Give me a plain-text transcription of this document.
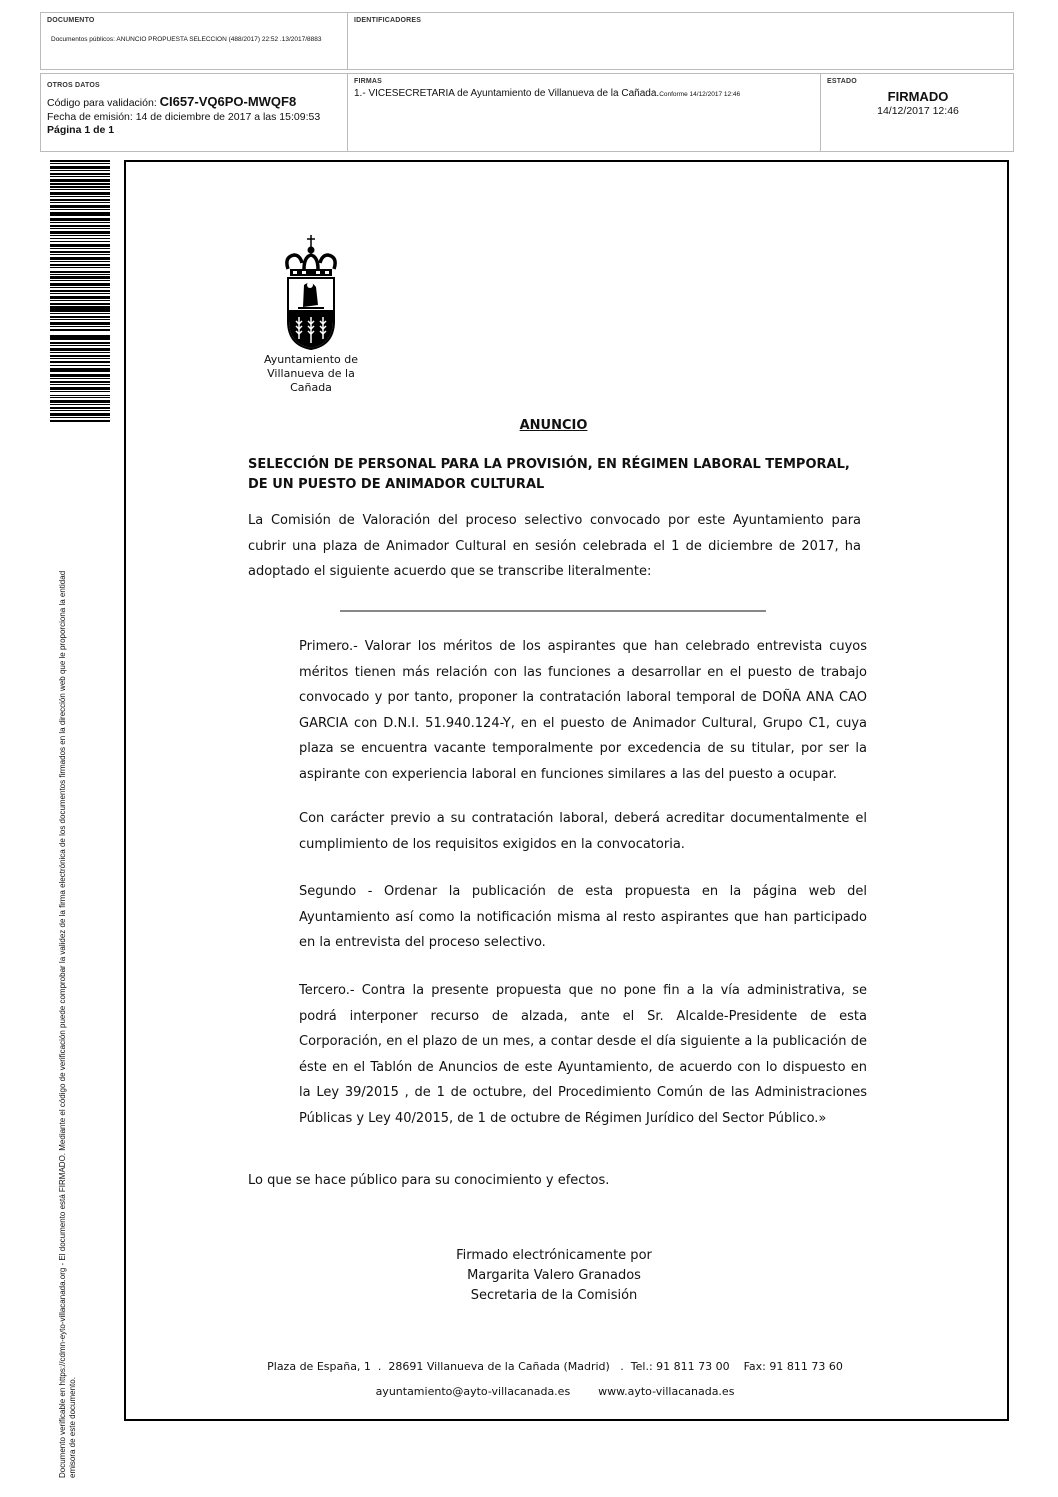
DOCUMENTO
Documentos públicos: ANUNCIO PROPUESTA SELECCION (488/2017) 22:52 .13/2017/8883
IDENTIFICADORES
OTROS DATOS
Código para validación: CI657-VQ6PO-MWQF8
Fecha de emisión: 14 de diciembre de 2017 a las 15:09:53
Página 1 de 1
FIRMAS
1.- VICESECRETARIA de Ayuntamiento de Villanueva de la Cañada.Conforme 14/12/2017 12:46
ESTADO
FIRMADO
14/12/2017 12:46
Documento verificable en https://cdmn-eyto-villacanada.org - El documento está FIRMADO. Mediante el código de verificación puede comprobar la validez de la firma electrónica de los documentos firmados en la dirección web que le proporciona la entidad emisora de este documento.
Ayuntamiento de
Villanueva de la Cañada
ANUNCIO
SELECCIÓN DE PERSONAL PARA LA PROVISIÓN, EN RÉGIMEN LABORAL TEMPORAL, DE UN PUESTO DE ANIMADOR CULTURAL
La Comisión de Valoración del proceso selectivo convocado por este Ayuntamiento para cubrir una plaza de Animador Cultural en sesión celebrada el 1 de diciembre de 2017, ha adoptado el siguiente acuerdo que se transcribe literalmente:
Primero.- Valorar los méritos de los aspirantes que han celebrado entrevista cuyos méritos tienen más relación con las funciones a desarrollar en el puesto de trabajo convocado y por tanto, proponer la contratación laboral temporal de DOÑA ANA CAO GARCIA con D.N.I. 51.940.124-Y, en el puesto de Animador Cultural, Grupo C1, cuya plaza se encuentra vacante temporalmente por excedencia de su titular, por ser la aspirante con experiencia laboral en funciones similares a las del puesto a ocupar.
Con carácter previo a su contratación laboral, deberá acreditar documentalmente el cumplimiento de los requisitos exigidos en la convocatoria.
Segundo - Ordenar la publicación de esta propuesta en la página web del Ayuntamiento así como la notificación misma al resto aspirantes que han participado en la entrevista del proceso selectivo.
Tercero.- Contra la presente propuesta que no pone fin a la vía administrativa, se podrá interponer recurso de alzada, ante el Sr. Alcalde-Presidente de esta Corporación, en el plazo de un mes, a contar desde el día siguiente a la publicación de éste en el Tablón de Anuncios de este Ayuntamiento, de acuerdo con lo dispuesto en la Ley 39/2015 , de 1 de octubre, del Procedimiento Común de las Administraciones Públicas y Ley 40/2015, de 1 de octubre de Régimen Jurídico del Sector Público.»
Lo que se hace público para su conocimiento y efectos.
Firmado electrónicamente por
Margarita Valero Granados
Secretaria de la Comisión
Plaza de España, 1  .  28691 Villanueva de la Cañada (Madrid)   .  Tel.: 91 811 73 00    Fax: 91 811 73 60
ayuntamiento@ayto-villacanada.es        www.ayto-villacanada.es
